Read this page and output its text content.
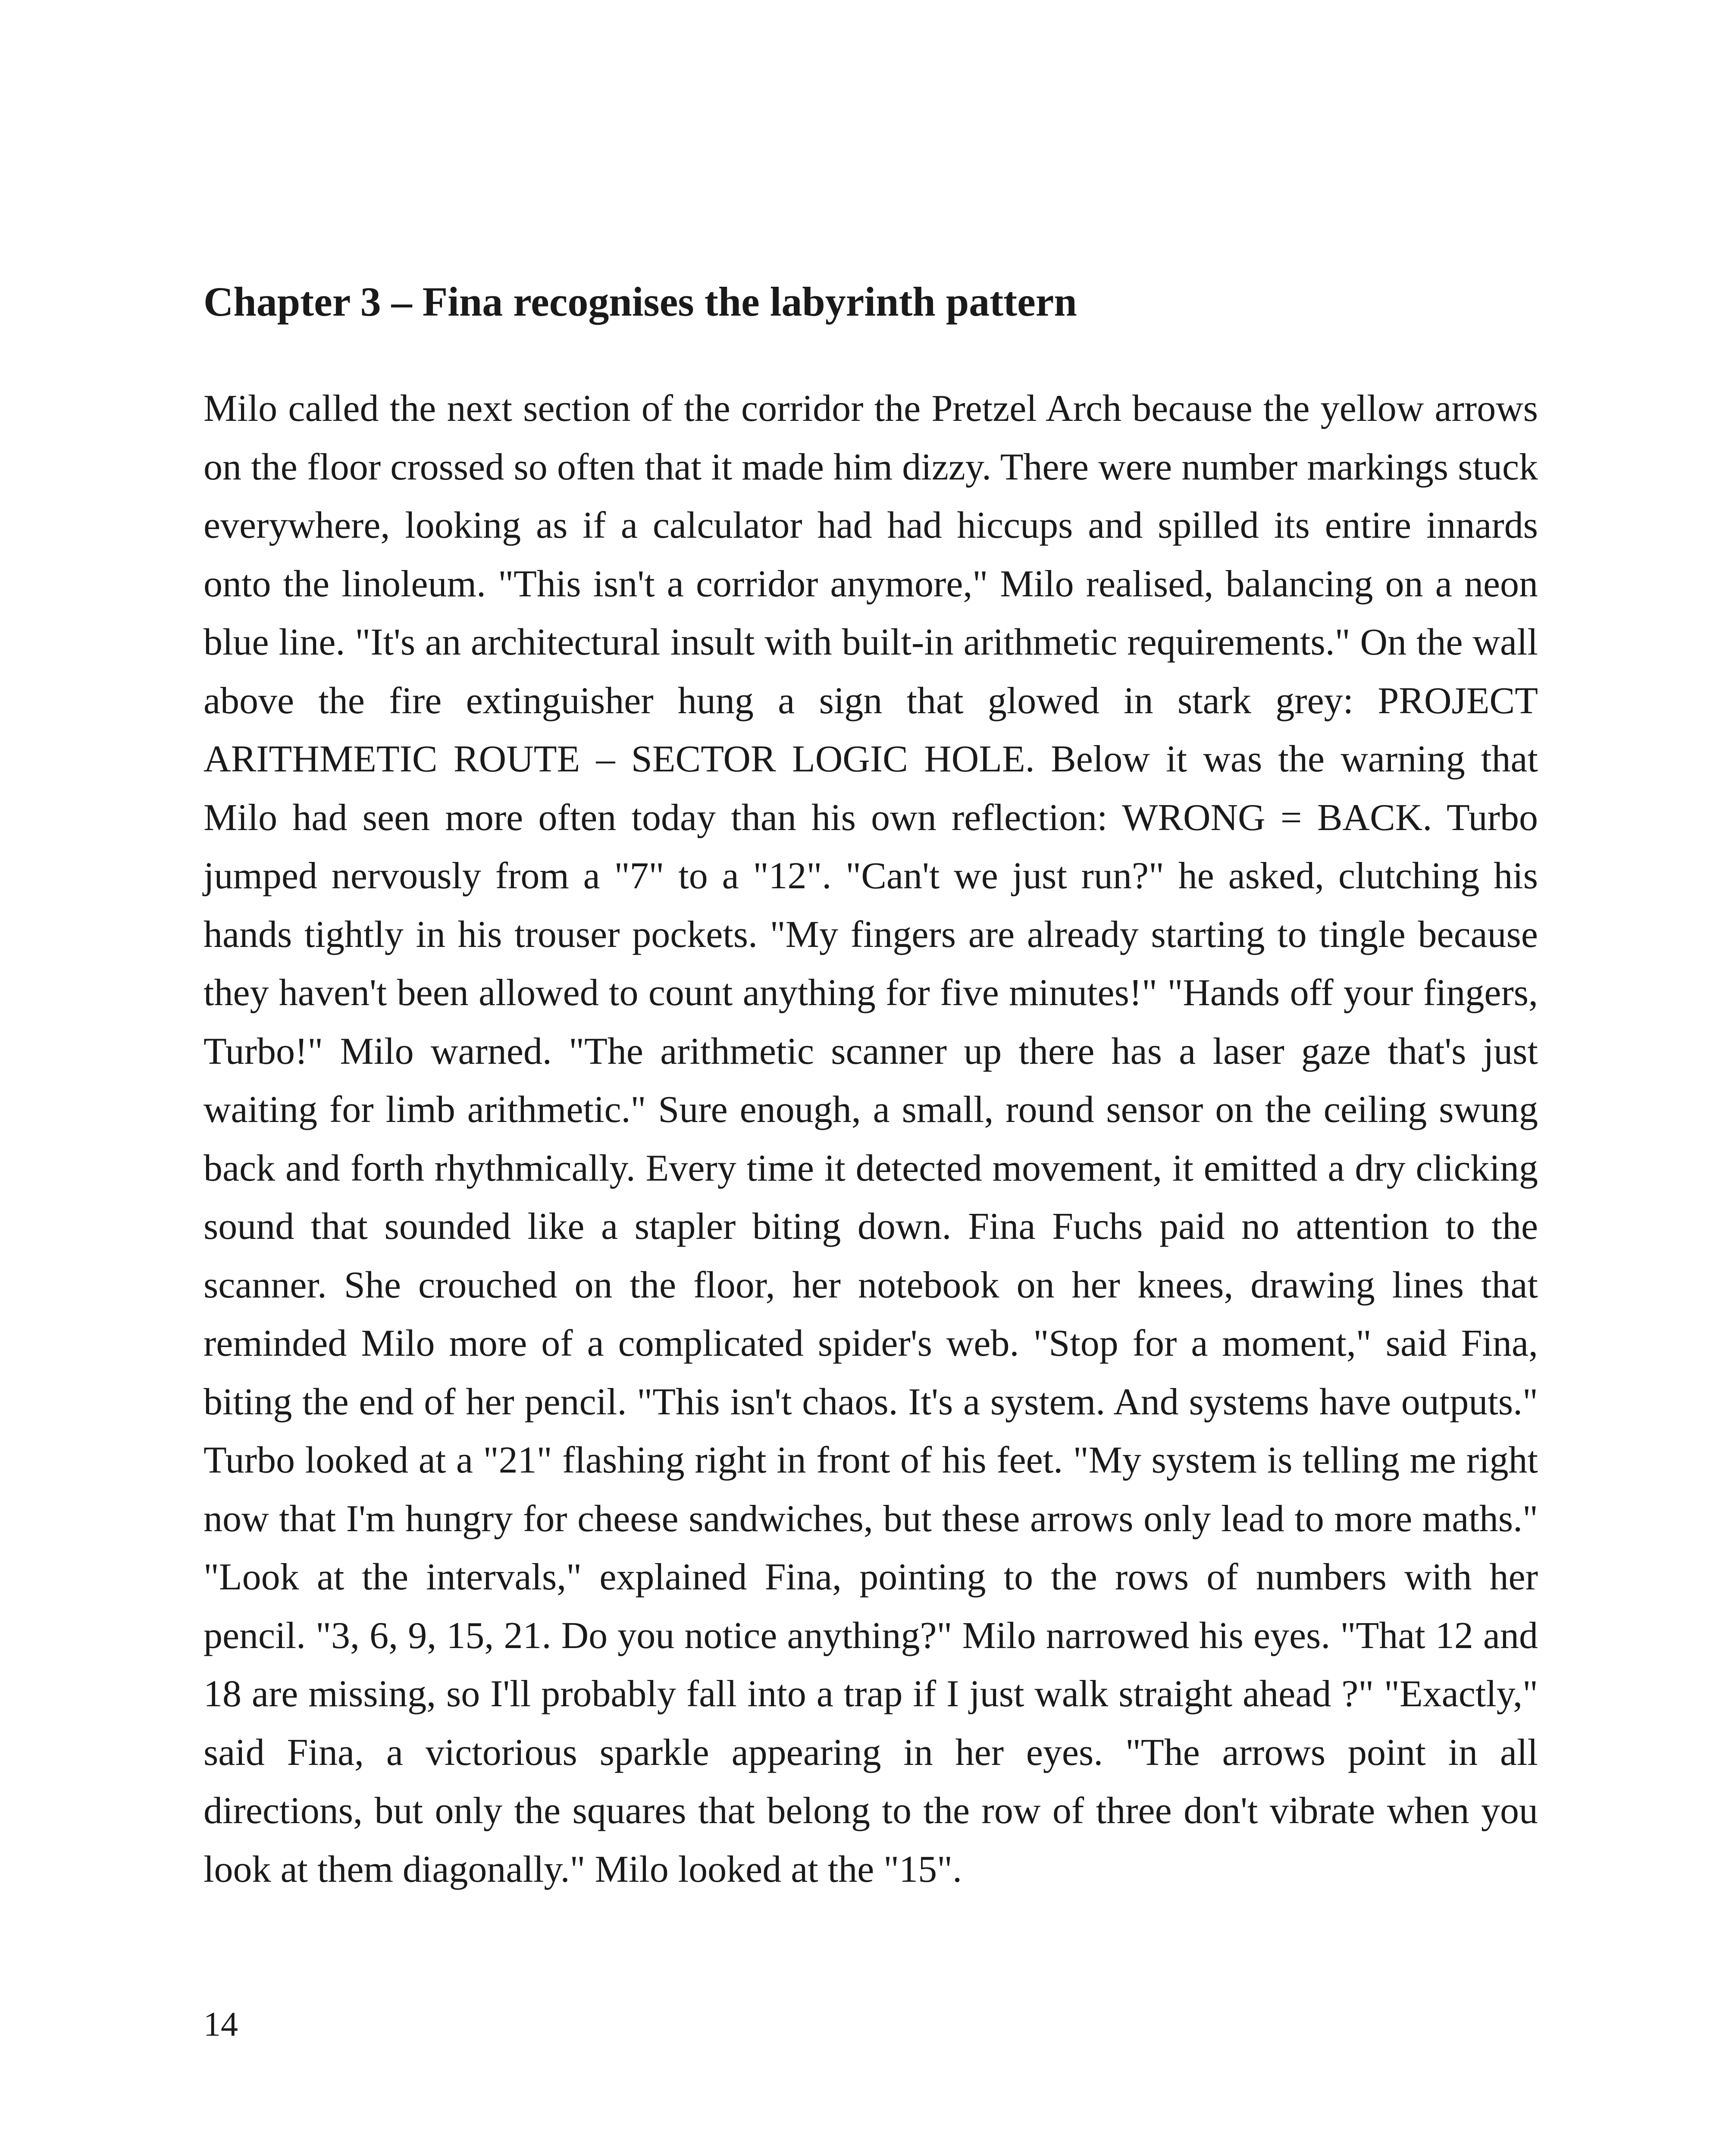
Chapter 3 – Fina recognises the labyrinth pattern

Milo called the next section of the corridor the Pretzel Arch because the yellow arrows on the floor crossed so often that it made him dizzy. There were number markings stuck everywhere, looking as if a calculator had had hiccups and spilled its entire innards onto the linoleum. "This isn't a corridor anymore," Milo realised, balancing on a neon blue line. "It's an architectural insult with built-in arithmetic requirements." On the wall above the fire extinguisher hung a sign that glowed in stark grey: PROJECT ARITHMETIC ROUTE – SECTOR LOGIC HOLE. Below it was the warning that Milo had seen more often today than his own reflection: WRONG = BACK. Turbo jumped nervously from a "7" to a "12". "Can't we just run?" he asked, clutching his hands tightly in his trouser pockets. "My fingers are already starting to tingle because they haven't been allowed to count anything for five minutes!" "Hands off your fingers, Turbo!" Milo warned. "The arithmetic scanner up there has a laser gaze that's just waiting for limb arithmetic." Sure enough, a small, round sensor on the ceiling swung back and forth rhythmically. Every time it detected movement, it emitted a dry clicking sound that sounded like a stapler biting down. Fina Fuchs paid no attention to the scanner. She crouched on the floor, her notebook on her knees, drawing lines that reminded Milo more of a complicated spider's web. "Stop for a moment," said Fina, biting the end of her pencil. "This isn't chaos. It's a system. And systems have outputs." Turbo looked at a "21" flashing right in front of his feet. "My system is telling me right now that I'm hungry for cheese sandwiches, but these arrows only lead to more maths." "Look at the intervals," explained Fina, pointing to the rows of numbers with her pencil. "3, 6, 9, 15, 21. Do you notice anything?" Milo narrowed his eyes. "That 12 and 18 are missing, so I'll probably fall into a trap if I just walk straight ahead ?" "Exactly," said Fina, a victorious sparkle appearing in her eyes. "The arrows point in all directions, but only the squares that belong to the row of three don't vibrate when you look at them diagonally." Milo looked at the "15".

14
